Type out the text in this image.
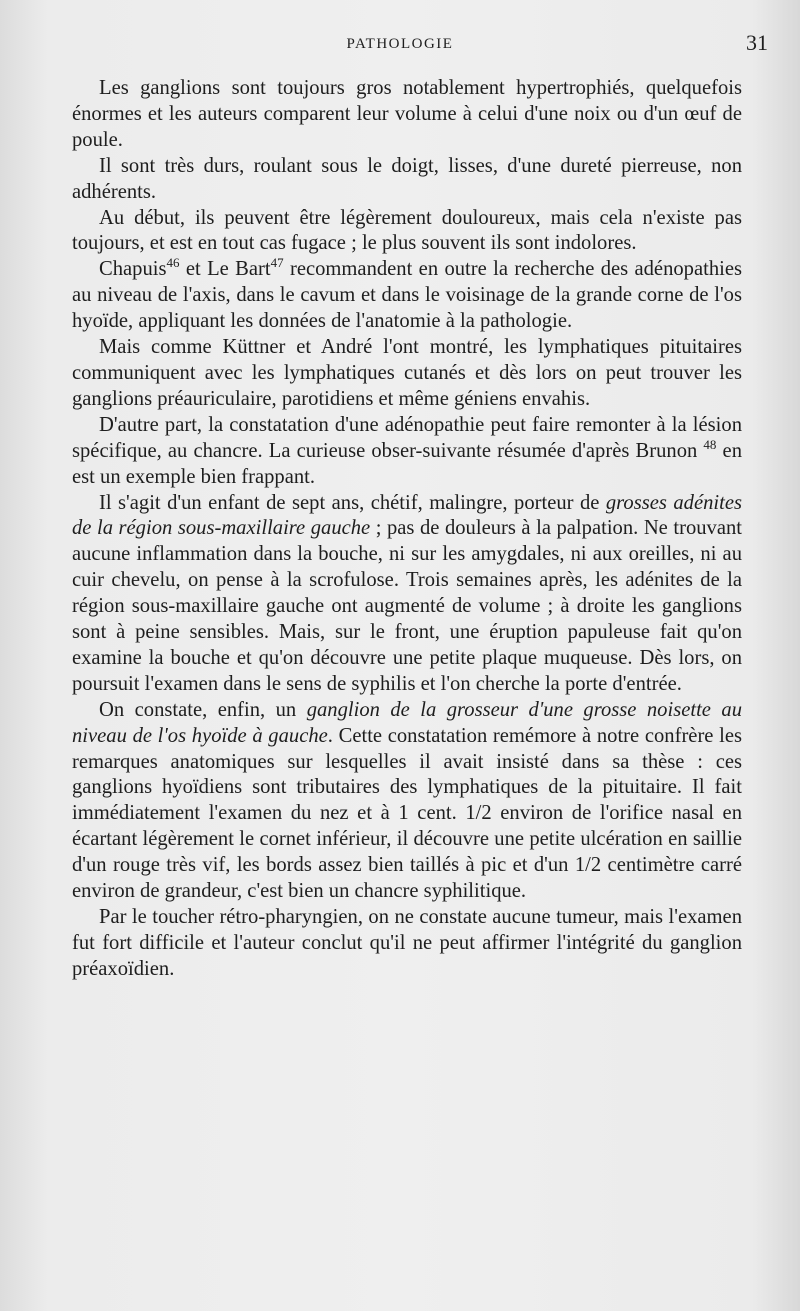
PATHOLOGIE	31

Les ganglions sont toujours gros notablement hypertrophiés, quelquefois énormes et les auteurs comparent leur volume à celui d'une noix ou d'un œuf de poule.

Il sont très durs, roulant sous le doigt, lisses, d'une dureté pierreuse, non adhérents.

Au début, ils peuvent être légèrement douloureux, mais cela n'existe pas toujours, et est en tout cas fugace ; le plus souvent ils sont indolores.

Chapuis$^{46}$ et Le Bart$^{47}$ recommandent en outre la recherche des adénopathies au niveau de l'axis, dans le cavum et dans le voisinage de la grande corne de l'os hyoïde, appliquant les données de l'anatomie à la pathologie.

Mais comme Küttner et André l'ont montré, les lymphatiques pituitaires communiquent avec les lymphatiques cutanés et dès lors on peut trouver les ganglions préauriculaire, parotidiens et même géniens envahis.

D'autre part, la constatation d'une adénopathie peut faire remonter à la lésion spécifique, au chancre. La curieuse obser-suivante résumée d'après Brunon $^{48}$ en est un exemple bien frappant.

Il s'agit d'un enfant de sept ans, chétif, malingre, porteur de grosses adénites de la région sous-maxillaire gauche ; pas de douleurs à la palpation. Ne trouvant aucune inflammation dans la bouche, ni sur les amygdales, ni aux oreilles, ni au cuir chevelu, on pense à la scrofulose. Trois semaines après, les adénites de la région sous-maxillaire gauche ont augmenté de volume ; à droite les ganglions sont à peine sensibles. Mais, sur le front, une éruption papuleuse fait qu'on examine la bouche et qu'on découvre une petite plaque muqueuse. Dès lors, on poursuit l'examen dans le sens de syphilis et l'on cherche la porte d'entrée.

On constate, enfin, un ganglion de la grosseur d'une grosse noisette au niveau de l'os hyoïde à gauche. Cette constatation remémore à notre confrère les remarques anatomiques sur lesquelles il avait insisté dans sa thèse : ces ganglions hyoïdiens sont tributaires des lymphatiques de la pituitaire. Il fait immédiatement l'examen du nez et à 1 cent. 1/2 environ de l'orifice nasal en écartant légèrement le cornet inférieur, il découvre une petite ulcération en saillie d'un rouge très vif, les bords assez bien taillés à pic et d'un 1/2 centimètre carré environ de grandeur, c'est bien un chancre syphilitique.

Par le toucher rétro-pharyngien, on ne constate aucune tumeur, mais l'examen fut fort difficile et l'auteur conclut qu'il ne peut affirmer l'intégrité du ganglion préaxoïdien.
